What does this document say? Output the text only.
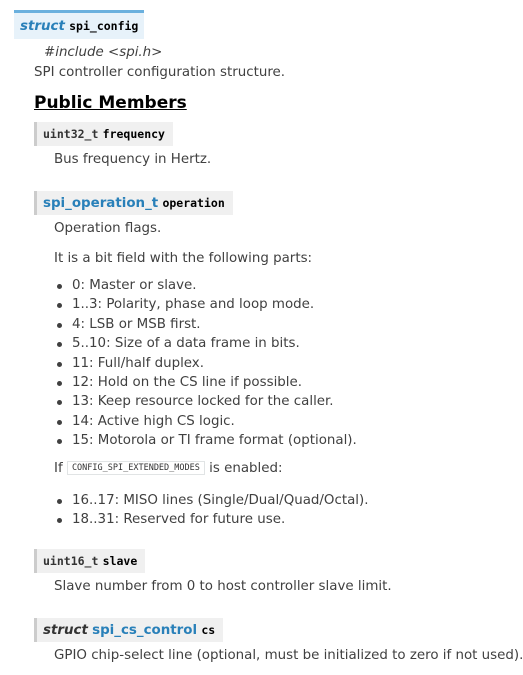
struct spi_config
#include <spi.h>
SPI controller configuration structure.
Public Members
uint32_t frequency
Bus frequency in Hertz.
spi_operation_t operation
Operation flags.
It is a bit field with the following parts:
0: Master or slave.
1..3: Polarity, phase and loop mode.
4: LSB or MSB first.
5..10: Size of a data frame in bits.
11: Full/half duplex.
12: Hold on the CS line if possible.
13: Keep resource locked for the caller.
14: Active high CS logic.
15: Motorola or TI frame format (optional).
If CONFIG_SPI_EXTENDED_MODES is enabled:
16..17: MISO lines (Single/Dual/Quad/Octal).
18..31: Reserved for future use.
uint16_t slave
Slave number from 0 to host controller slave limit.
struct spi_cs_control cs
GPIO chip-select line (optional, must be initialized to zero if not used).
